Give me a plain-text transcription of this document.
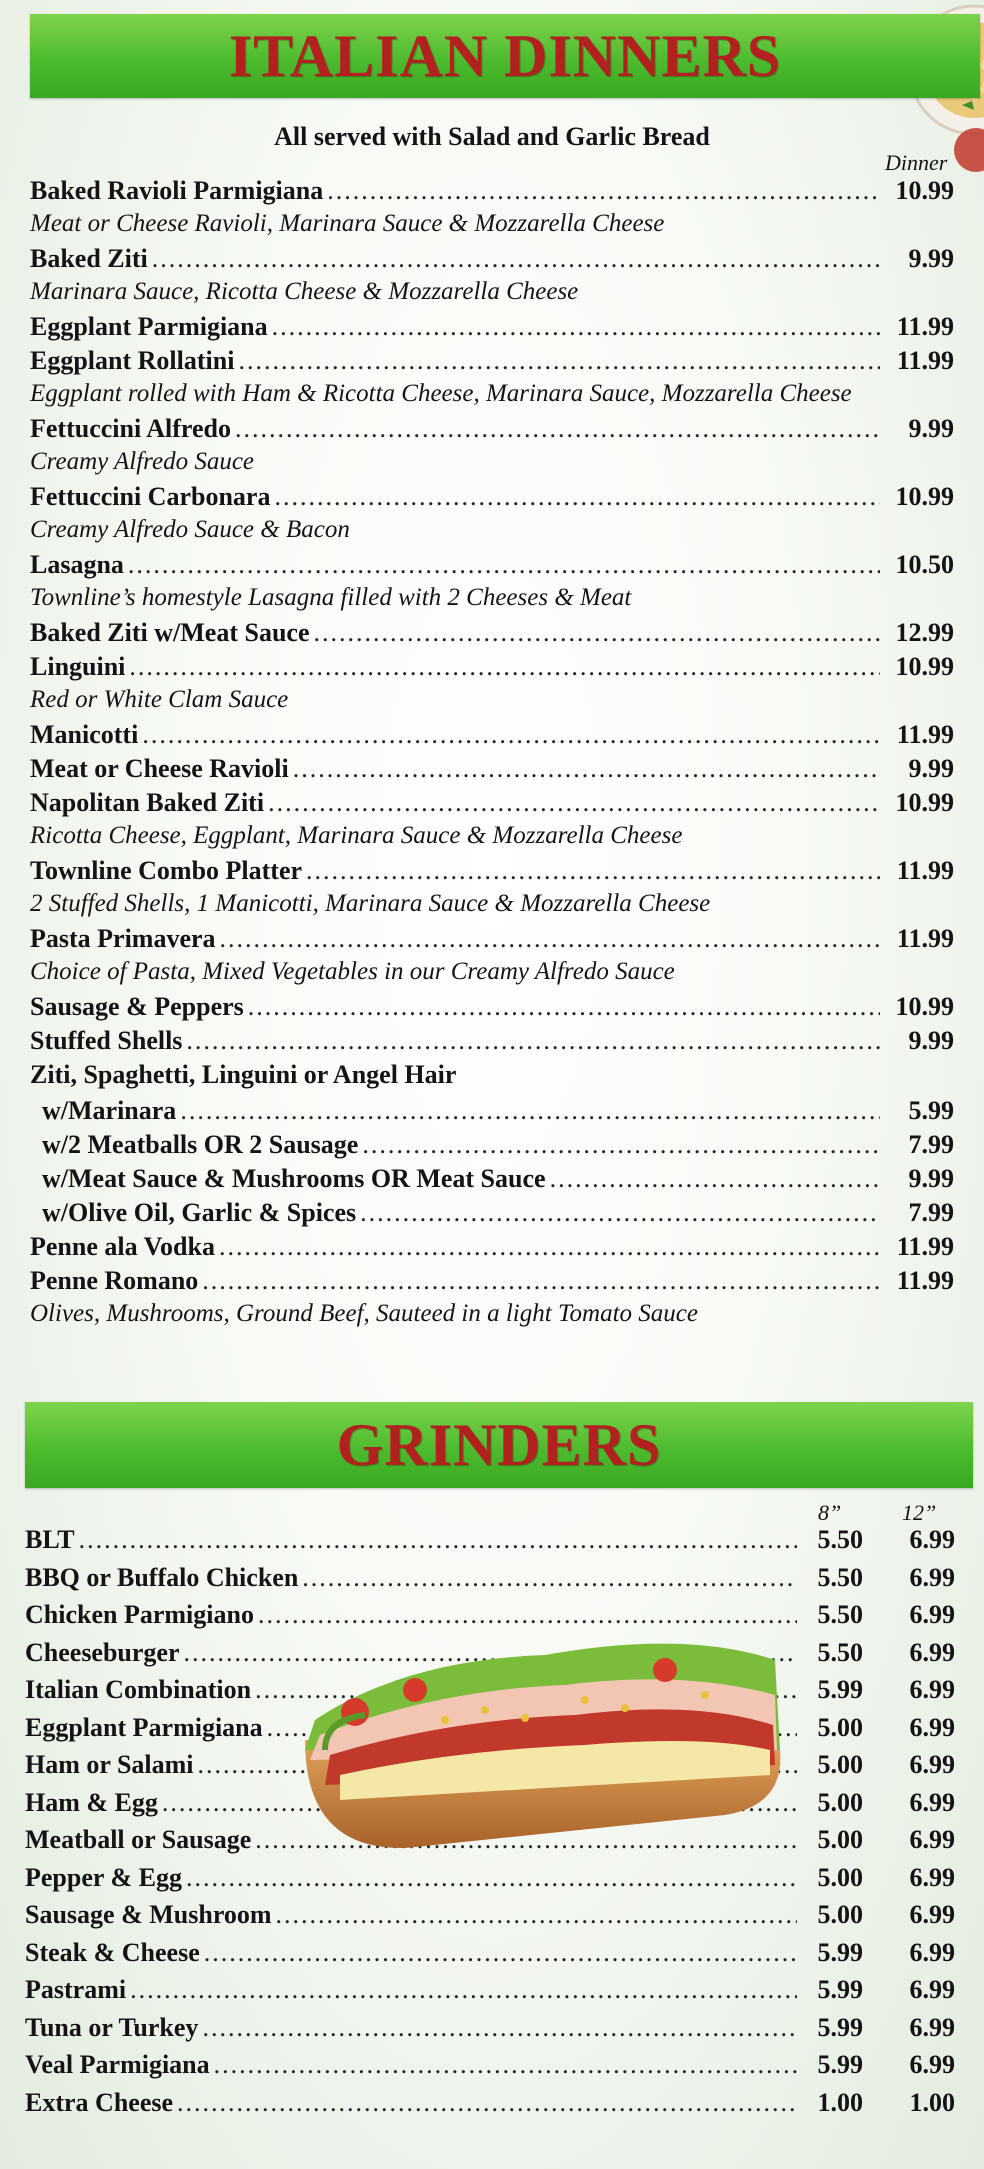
ITALIAN DINNERS
All served with Salad and Garlic Bread
Dinner
Baked Ravioli Parmigiana .....	10.99
Meat or Cheese Ravioli, Marinara Sauce & Mozzarella Cheese
Baked Ziti .....	9.99
Marinara Sauce, Ricotta Cheese & Mozzarella Cheese
Eggplant Parmigiana .....	11.99
Eggplant Rollatini .....	11.99
Eggplant rolled with Ham & Ricotta Cheese, Marinara Sauce, Mozzarella Cheese
Fettuccini Alfredo .....	9.99
Creamy Alfredo Sauce
Fettuccini Carbonara .....	10.99
Creamy Alfredo Sauce & Bacon
Lasagna .....	10.50
Townline’s homestyle Lasagna filled with 2 Cheeses & Meat
Baked Ziti w/Meat Sauce .....	12.99
Linguini .....	10.99
Red or White Clam Sauce
Manicotti .....	11.99
Meat or Cheese Ravioli .....	9.99
Napolitan Baked Ziti .....	10.99
Ricotta Cheese, Eggplant, Marinara Sauce & Mozzarella Cheese
Townline Combo Platter .....	11.99
2 Stuffed Shells, 1 Manicotti, Marinara Sauce & Mozzarella Cheese
Pasta Primavera .....	11.99
Choice of Pasta, Mixed Vegetables in our Creamy Alfredo Sauce
Sausage & Peppers .....	10.99
Stuffed Shells .....	9.99
Ziti, Spaghetti, Linguini or Angel Hair
w/Marinara .....	5.99
w/2 Meatballs OR 2 Sausage .....	7.99
w/Meat Sauce & Mushrooms OR Meat Sauce .....	9.99
w/Olive Oil, Garlic & Spices .....	7.99
Penne ala Vodka .....	11.99
Penne Romano .....	11.99
Olives, Mushrooms, Ground Beef, Sauteed in a light Tomato Sauce
GRINDERS
8”	12”
BLT .....	5.50	6.99
BBQ or Buffalo Chicken .....	5.50	6.99
Chicken Parmigiano .....	5.50	6.99
Cheeseburger .....	5.50	6.99
Italian Combination .....	5.99	6.99
Eggplant Parmigiana .....	5.00	6.99
Ham or Salami .....	5.00	6.99
Ham & Egg .....	5.00	6.99
Meatball or Sausage .....	5.00	6.99
Pepper & Egg .....	5.00	6.99
Sausage & Mushroom .....	5.00	6.99
Steak & Cheese .....	5.99	6.99
Pastrami .....	5.99	6.99
Tuna or Turkey .....	5.99	6.99
Veal Parmigiana .....	5.99	6.99
Extra Cheese .....	1.00	1.00
